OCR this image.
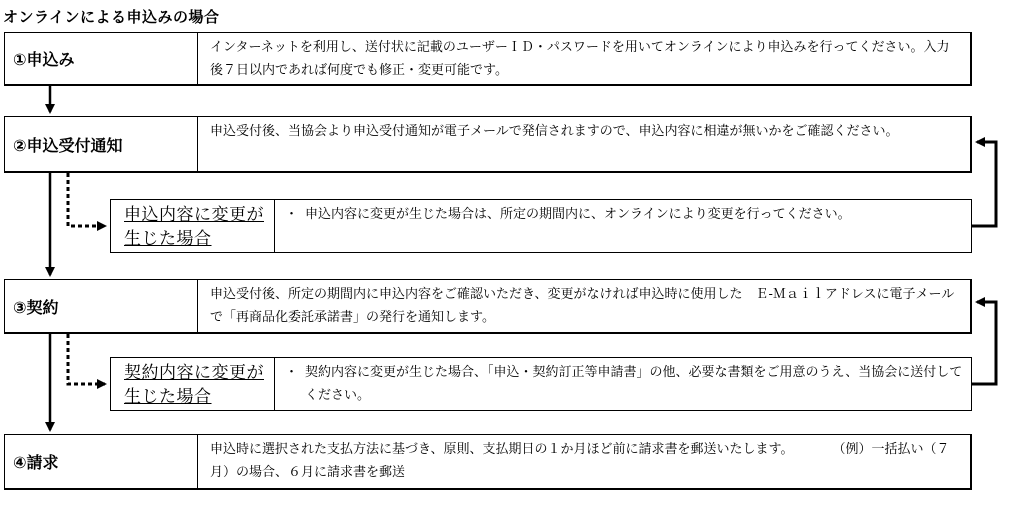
オンラインによる申込みの場合
①申込み
インターネットを利用し、送付状に記載のユーザーＩＤ・パスワードを用いてオンラインにより申込みを行ってください。入力後７日以内であれば何度でも修正・変更可能です。
②申込受付通知
申込受付後、当協会より申込受付通知が電子メールで発信されますので、申込内容に相違が無いかをご確認ください。
申込内容に変更が生じた場合
・ 申込内容に変更が生じた場合は、所定の期間内に、オンラインにより変更を行ってください。
③契約
申込受付後、所定の期間内に申込内容をご確認いただき、変更がなければ申込時に使用した　Ｅ-Ｍａｉｌアドレスに電子メールで「再商品化委託承諾書」の発行を通知します。
契約内容に変更が生じた場合
・ 契約内容に変更が生じた場合、「申込・契約訂正等申請書」の他、必要な書類をご用意のうえ、当協会に送付してください。
④請求
申込時に選択された支払方法に基づき、原則、支払期日の１か月ほど前に請求書を郵送いたします。　　　　（例）一括払い（７月）の場合、６月に請求書を郵送
